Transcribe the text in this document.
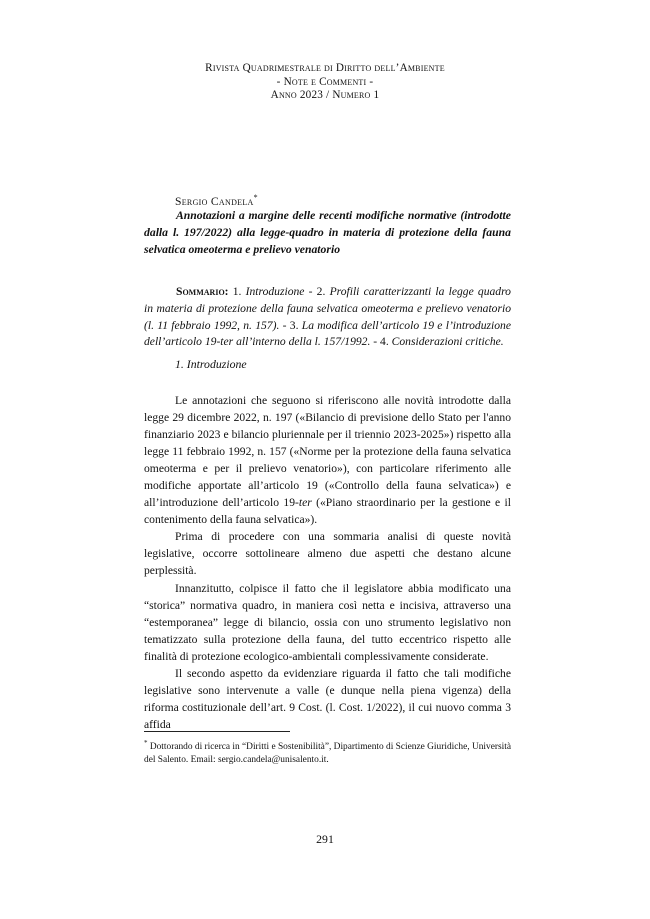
Rivista Quadrimestrale di Diritto dell’Ambiente
- Note e Commenti -
Anno 2023 / Numero 1
Sergio Candela*
Annotazioni a margine delle recenti modifiche normative (introdotte dalla l. 197/2022) alla legge-quadro in materia di protezione della fauna selvatica omeoterma e prelievo venatorio
Sommario: 1. Introduzione - 2. Profili caratterizzanti la legge quadro in materia di protezione della fauna selvatica omeoterma e prelievo venatorio (l. 11 febbraio 1992, n. 157). - 3. La modifica dell’articolo 19 e l’introduzione dell’articolo 19-ter all’interno della l. 157/1992. - 4. Considerazioni critiche.
1. Introduzione

Le annotazioni che seguono si riferiscono alle novità introdotte dalla legge 29 dicembre 2022, n. 197 («Bilancio di previsione dello Stato per l'anno finanziario 2023 e bilancio pluriennale per il triennio 2023-2025») rispetto alla legge 11 febbraio 1992, n. 157 («Norme per la protezione della fauna selvatica omeoterma e per il prelievo venatorio»), con particolare riferimento alle modifiche apportate all’articolo 19 («Controllo della fauna selvatica») e all’introduzione dell’articolo 19-ter («Piano straordinario per la gestione e il contenimento della fauna selvatica»).

Prima di procedere con una sommaria analisi di queste novità legislative, occorre sottolineare almeno due aspetti che destano alcune perplessità.

Innanzitutto, colpisce il fatto che il legislatore abbia modificato una “storica” normativa quadro, in maniera così netta e incisiva, attraverso una “estemporanea” legge di bilancio, ossia con uno strumento legislativo non tematizzato sulla protezione della fauna, del tutto eccentrico rispetto alle finalità di protezione ecologico-ambientali complessivamente considerate.

Il secondo aspetto da evidenziare riguarda il fatto che tali modifiche legislative sono intervenute a valle (e dunque nella piena vigenza) della riforma costituzionale dell’art. 9 Cost. (l. Cost. 1/2022), il cui nuovo comma 3 affida

* Dottorando di ricerca in “Diritti e Sostenibilità”, Dipartimento di Scienze Giuridiche, Università del Salento. Email: sergio.candela@unisalento.it.
291
